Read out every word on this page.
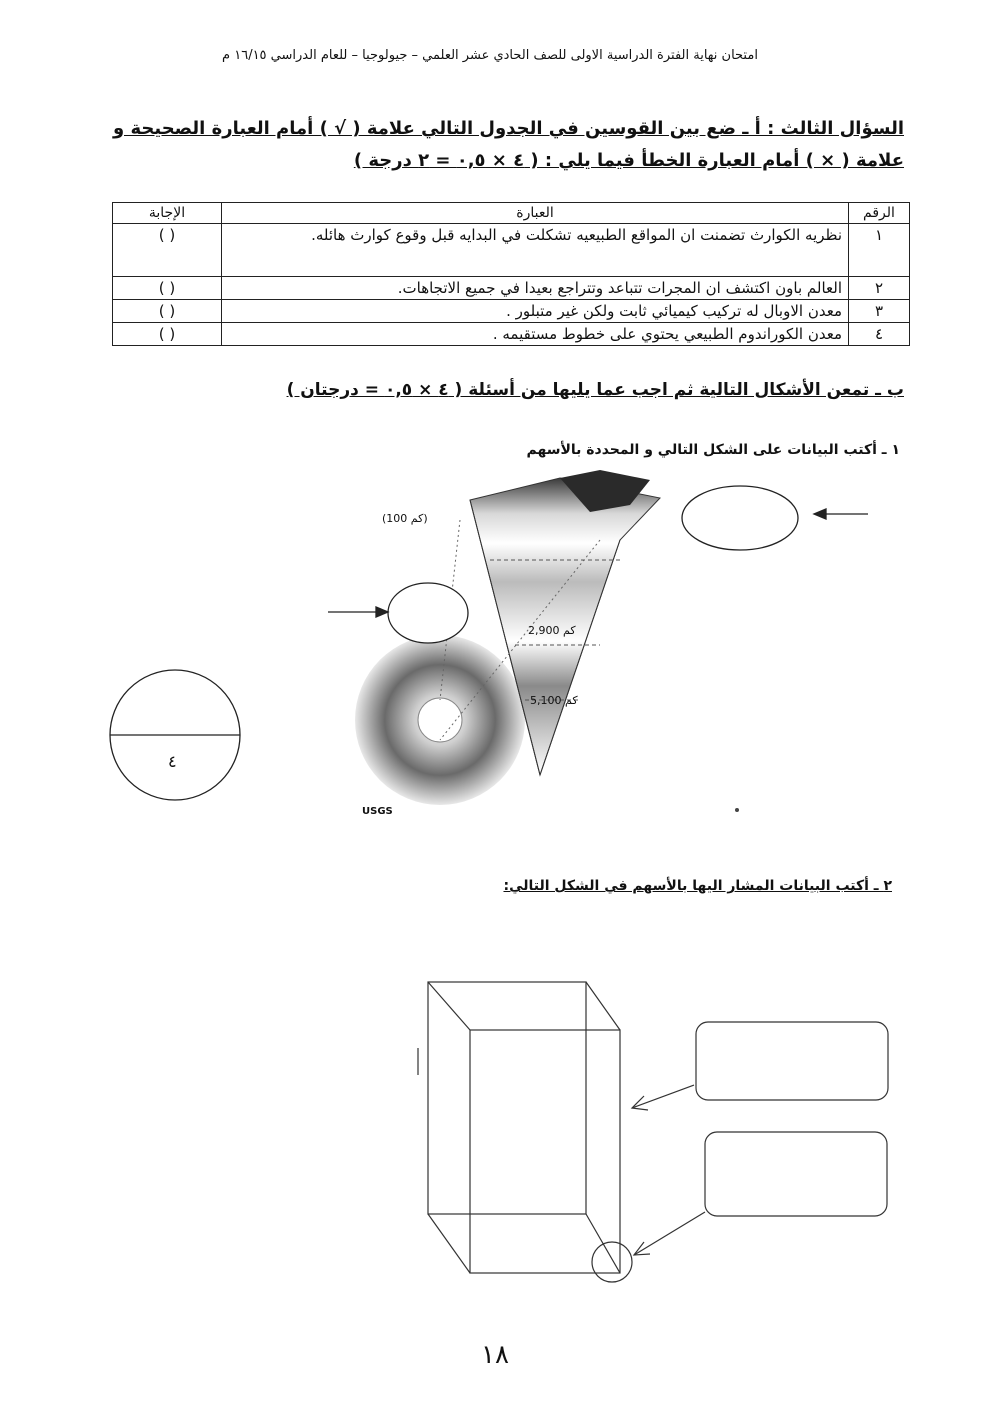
امتحان نهاية الفترة الدراسية الاولى للصف الحادي عشر العلمي – جيولوجيا – للعام الدراسي ١٦/١٥ م
السؤال الثالث : أ ـ ضع بين القوسين في الجدول التالي علامة ( √ ) أمام العبارة الصحيحة و
علامة ( × ) أمام العبارة الخطأ فيما يلي : ( ٤ × ٠,٥ = ٢ درجة )
الرقم	العبارة	الإجابة
١	نظريه الكوارث تضمنت ان المواقع الطبيعيه تشكلت في البدايه قبل وقوع كوارث هائله.	( )
٢	العالم باون اكتشف ان المجرات تتباعد وتتراجع بعيدا في جميع الاتجاهات.	( )
٣	معدن الاوبال له تركيب كيميائي ثابت ولكن غير متبلور .	( )
٤	معدن الكوراندوم الطبيعي يحتوي على خطوط مستقيمه .	( )
ب ـ تمعن الأشكال التالية ثم اجب عما يليها من أسئلة ( ٤ × ٠,٥ = درجتان )
١ ـ أكتب البيانات على الشكل التالي و المحددة بالأسهم
(100 كم)
2,900 كم
5,100 كم
USGS
٤
٢ ـ أكتب البيانات المشار اليها بالأسهم في الشكل التالي:
١٨
